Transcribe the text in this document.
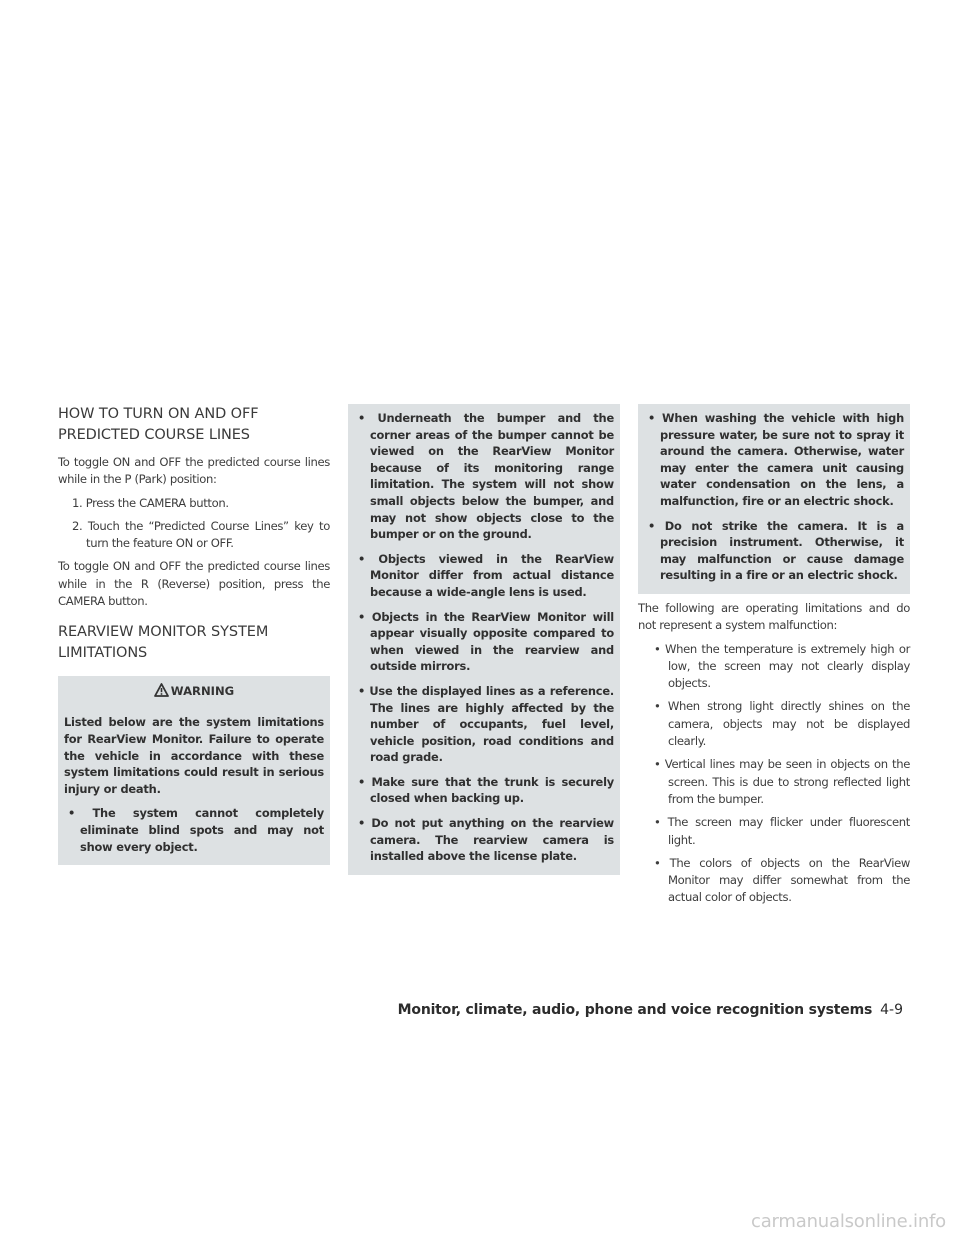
HOW TO TURN ON AND OFF
PREDICTED COURSE LINES

To toggle ON and OFF the predicted course lines while in the P (Park) position:

1. Press the CAMERA button.
2. Touch the “Predicted Course Lines” key to turn the feature ON or OFF.

To toggle ON and OFF the predicted course lines while in the R (Reverse) position, press the CAMERA button.

REARVIEW MONITOR SYSTEM
LIMITATIONS
WARNING

Listed below are the system limitations for RearView Monitor. Failure to operate the vehicle in accordance with these system limitations could result in serious injury or death.

• The system cannot completely eliminate blind spots and may not show every object.
• Underneath the bumper and the corner areas of the bumper cannot be viewed on the RearView Monitor because of its monitoring range limitation. The system will not show small objects below the bumper, and may not show objects close to the bumper or on the ground.
• Objects viewed in the RearView Monitor differ from actual distance because a wide-angle lens is used.
• Objects in the RearView Monitor will appear visually opposite compared to when viewed in the rearview and outside mirrors.
• Use the displayed lines as a reference. The lines are highly affected by the number of occupants, fuel level, vehicle position, road conditions and road grade.
• Make sure that the trunk is securely closed when backing up.
• Do not put anything on the rearview camera. The rearview camera is installed above the license plate.
• When washing the vehicle with high pressure water, be sure not to spray it around the camera. Otherwise, water may enter the camera unit causing water condensation on the lens, a malfunction, fire or an electric shock.
• Do not strike the camera. It is a precision instrument. Otherwise, it may malfunction or cause damage resulting in a fire or an electric shock.

The following are operating limitations and do not represent a system malfunction:

• When the temperature is extremely high or low, the screen may not clearly display objects.
• When strong light directly shines on the camera, objects may not be displayed clearly.
• Vertical lines may be seen in objects on the screen. This is due to strong reflected light from the bumper.
• The screen may flicker under fluorescent light.
• The colors of objects on the RearView Monitor may differ somewhat from the actual color of objects.
Monitor, climate, audio, phone and voice recognition systems 4-9
carmanualsonline.info
